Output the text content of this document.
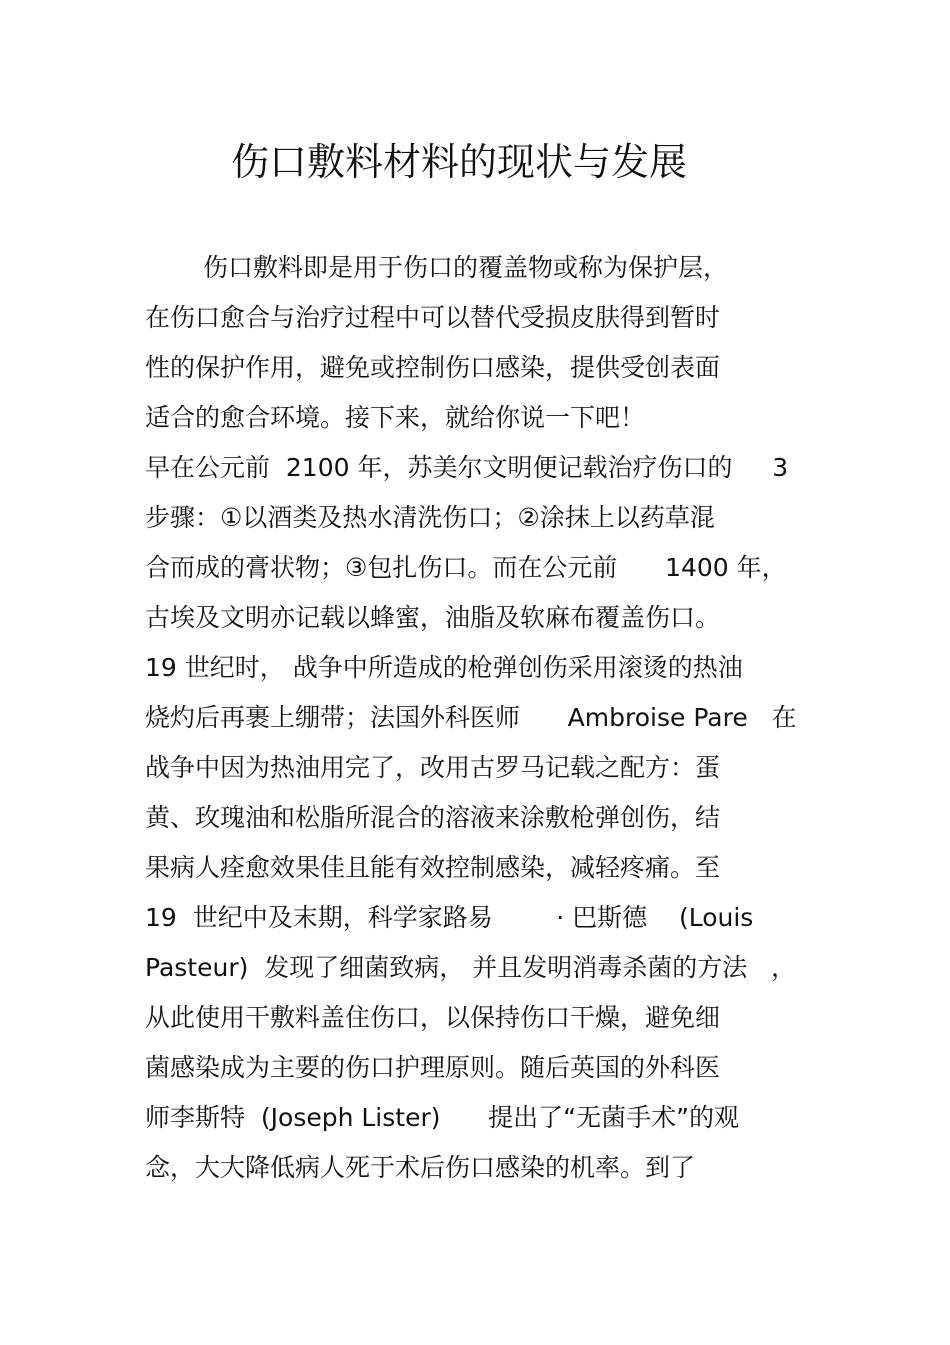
伤口敷料材料的现状与发展
伤口敷料即是用于伤口的覆盖物或称为保护层，
在伤口愈合与治疗过程中可以替代受损皮肤得到暂时
性的保护作用，避免或控制伤口感染，提供受创表面
适合的愈合环境。接下来，就给你说一下吧！
早在公元前  2100 年，苏美尔文明便记载治疗伤口的     3
步骤：①以酒类及热水清洗伤口；②涂抹上以药草混
合而成的膏状物；③包扎伤口。而在公元前      1400 年，
古埃及文明亦记载以蜂蜜，油脂及软麻布覆盖伤口。
19 世纪时， 战争中所造成的枪弹创伤采用滚烫的热油
烧灼后再裹上绷带；法国外科医师      Ambroise Pare   在
战争中因为热油用完了，改用古罗马记载之配方：蛋
黄、玫瑰油和松脂所混合的溶液来涂敷枪弹创伤，结
果病人痊愈效果佳且能有效控制感染，减轻疼痛。至
19  世纪中及末期，科学家路易        · 巴斯德    (Louis
Pasteur)  发现了细菌致病， 并且发明消毒杀菌的方法   ，
从此使用干敷料盖住伤口，以保持伤口干燥，避免细
菌感染成为主要的伤口护理原则。随后英国的外科医
师李斯特  (Joseph Lister)      提出了“无菌手术”的观
念，大大降低病人死于术后伤口感染的机率。到了
